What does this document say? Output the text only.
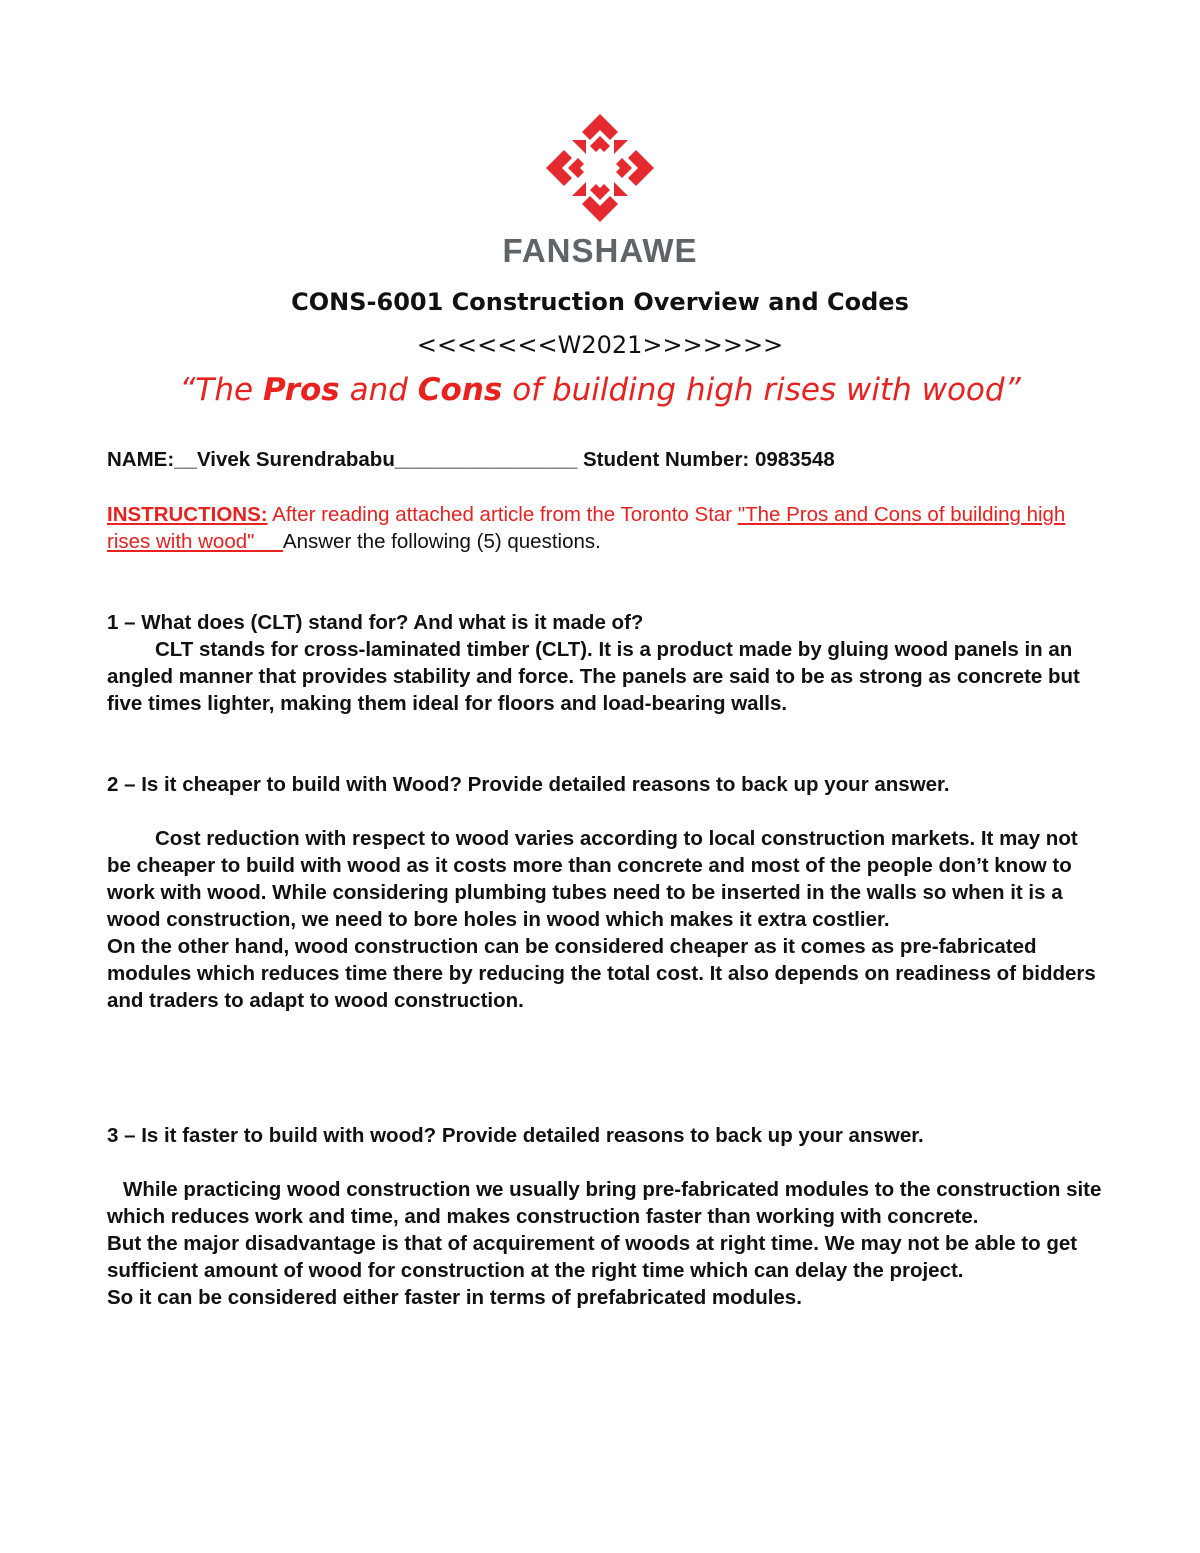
FANSHAWE
CONS-6001 Construction Overview and Codes
<<<<<<<W2021>>>>>>>
“The Pros and Cons of building high rises with wood”
NAME:__Vivek Surendrababu________________ Student Number: 0983548
INSTRUCTIONS: After reading attached article from the Toronto Star "The Pros and Cons of building high rises with wood" __Answer the following (5) questions.

1 – What does (CLT) stand for? And what is it made of?

CLT stands for cross-laminated timber (CLT). It is a product made by gluing wood panels in an angled manner that provides stability and force. The panels are said to be as strong as concrete but five times lighter, making them ideal for floors and load-bearing walls.

2 – Is it cheaper to build with Wood? Provide detailed reasons to back up your answer.

Cost reduction with respect to wood varies according to local construction markets. It may not be cheaper to build with wood as it costs more than concrete and most of the people don’t know to work with wood. While considering plumbing tubes need to be inserted in the walls so when it is a wood construction, we need to bore holes in wood which makes it extra costlier.

On the other hand, wood construction can be considered cheaper as it comes as pre-fabricated modules which reduces time there by reducing the total cost. It also depends on readiness of bidders and traders to adapt to wood construction.

3 – Is it faster to build with wood? Provide detailed reasons to back up your answer.

While practicing wood construction we usually bring pre-fabricated modules to the construction site which reduces work and time, and makes construction faster than working with concrete.

But the major disadvantage is that of acquirement of woods at right time. We may not be able to get sufficient amount of wood for construction at the right time which can delay the project.

So it can be considered either faster in terms of prefabricated modules.
